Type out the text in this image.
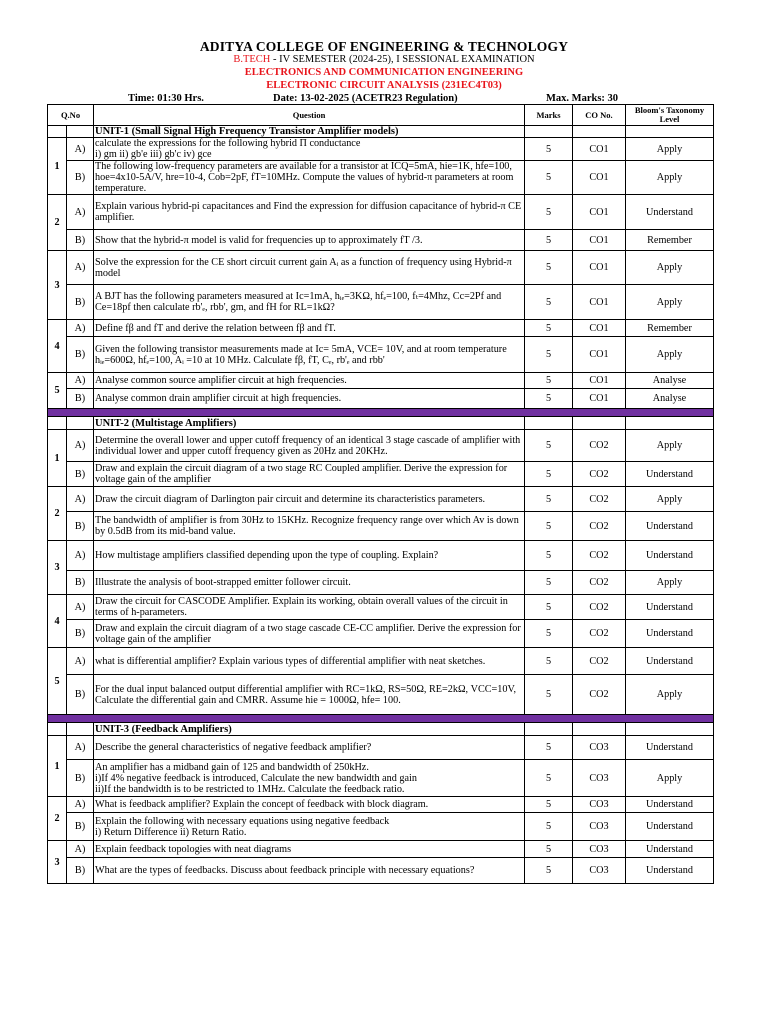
ADITYA COLLEGE OF ENGINEERING & TECHNOLOGY
B.TECH - IV SEMESTER (2024-25), I SESSIONAL EXAMINATION
ELECTRONICS AND COMMUNICATION ENGINEERING
ELECTRONIC CIRCUIT ANALYSIS (231EC4T03)
Time: 01:30 Hrs.	Date: 13-02-2025 (ACETR23 Regulation)	Max. Marks: 30
Q.No		Question	Marks	CO No.	Bloom's Taxonomy Level
		UNIT-1 (Small Signal High Frequency Transistor Amplifier models)			
1	A)	calculate the expressions for the following hybrid Π conductance
i) gm ii) gb'e iii) gb'c iv) gce	5	CO1	Apply
	B)	The following low-frequency parameters are available for a transistor at ICQ=5mA, hie=1K, hfe=100, hoe=4x10-5A/V, hre=10-4, Cob=2pF, fT=10MHz. Compute the values of hybrid-π parameters at room temperature.	5	CO1	Apply
2	A)	Explain various hybrid-pi capacitances and Find the expression for diffusion capacitance of hybrid-π CE amplifier.	5	CO1	Understand
	B)	Show that the hybrid-π model is valid for frequencies up to approximately fT /3.	5	CO1	Remember
3	A)	Solve the expression for the CE short circuit current gain Aᵢ as a function of frequency using Hybrid-π model	5	CO1	Apply
	B)	A BJT has the following parameters measured at Ic=1mA, hᵢₑ=3KΩ, hfₑ=100, fₜ=4Mhz, Cc=2Pf and Ce=18pf then calculate rb'ₑ, rbb', gm, and fH for RL=1kΩ?	5	CO1	Apply
4	A)	Define fβ and fT and derive the relation between fβ and fT.	5	CO1	Remember
	B)	Given the following transistor measurements made at Ic= 5mA, VCE= 10V, and at room temperature hᵢₑ=600Ω, hfₑ=100, Aᵢ =10 at 10 MHz. Calculate fβ, fT, Cₑ, rb'ₑ and rbb'	5	CO1	Apply
5	A)	Analyse common source amplifier circuit at high frequencies.	5	CO1	Analyse
	B)	Analyse common drain amplifier circuit at high frequencies.	5	CO1	Analyse

		UNIT-2 (Multistage Amplifiers)			
1	A)	Determine the overall lower and upper cutoff frequency of an identical 3 stage cascade of amplifier with individual lower and upper cutoff frequency given as 20Hz and 20KHz.	5	CO2	Apply
	B)	Draw and explain the circuit diagram of a two stage RC Coupled amplifier. Derive the expression for voltage gain of the amplifier	5	CO2	Understand
2	A)	Draw the circuit diagram of Darlington pair circuit and determine its characteristics parameters.	5	CO2	Apply
	B)	The bandwidth of amplifier is from 30Hz to 15KHz. Recognize frequency range over which Av is down by 0.5dB from its mid-band value.	5	CO2	Understand
3	A)	How multistage amplifiers classified depending upon the type of coupling. Explain?	5	CO2	Understand
	B)	Illustrate the analysis of boot-strapped emitter follower circuit.	5	CO2	Apply
4	A)	Draw the circuit for CASCODE Amplifier. Explain its working, obtain overall values of the circuit in terms of h-parameters.	5	CO2	Understand
	B)	Draw and explain the circuit diagram of a two stage cascade CE-CC amplifier. Derive the expression for voltage gain of the amplifier	5	CO2	Understand
5	A)	what is differential amplifier? Explain various types of differential amplifier with neat sketches.	5	CO2	Understand
	B)	For the dual input balanced output differential amplifier with RC=1kΩ, RS=50Ω, RE=2kΩ, VCC=10V, Calculate the differential gain and CMRR. Assume hie = 1000Ω, hfe= 100.	5	CO2	Apply

		UNIT-3 (Feedback Amplifiers)			
1	A)	Describe the general characteristics of negative feedback amplifier?	5	CO3	Understand
	B)	An amplifier has a midband gain of 125 and bandwidth of 250kHz.
i)If 4% negative feedback is introduced, Calculate the new bandwidth and gain
ii)If the bandwidth is to be restricted to 1MHz. Calculate the feedback ratio.	5	CO3	Apply
2	A)	What is feedback amplifier? Explain the concept of feedback with block diagram.	5	CO3	Understand
	B)	Explain the following with necessary equations using negative feedback
i) Return Difference ii) Return Ratio.	5	CO3	Understand
3	A)	Explain feedback topologies with neat diagrams	5	CO3	Understand
	B)	What are the types of feedbacks. Discuss about feedback principle with necessary equations?	5	CO3	Understand
